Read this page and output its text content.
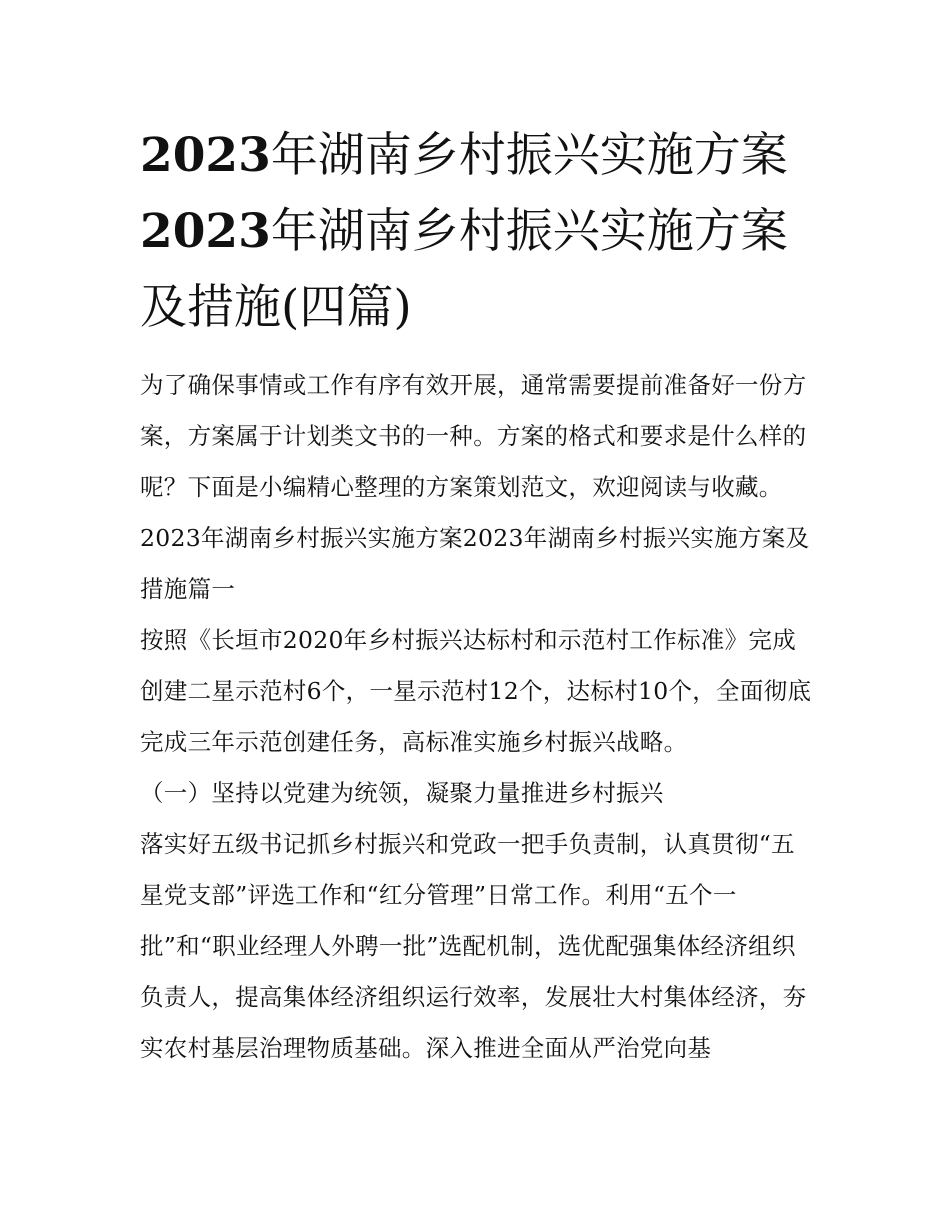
2023年湖南乡村振兴实施方案
2023年湖南乡村振兴实施方案
及措施(四篇)

为了确保事情或工作有序有效开展，通常需要提前准备好一份方案，方案属于计划类文书的一种。方案的格式和要求是什么样的呢？下面是小编精心整理的方案策划范文，欢迎阅读与收藏。

2023年湖南乡村振兴实施方案2023年湖南乡村振兴实施方案及措施篇一

按照《长垣市2020年乡村振兴达标村和示范村工作标准》完成创建二星示范村6个，一星示范村12个，达标村10个，全面彻底完成三年示范创建任务，高标准实施乡村振兴战略。

（一）坚持以党建为统领，凝聚力量推进乡村振兴

落实好五级书记抓乡村振兴和党政一把手负责制，认真贯彻“五星党支部”评选工作和“红分管理”日常工作。利用“五个一批”和“职业经理人外聘一批”选配机制，选优配强集体经济组织负责人，提高集体经济组织运行效率，发展壮大村集体经济，夯实农村基层治理物质基础。深入推进全面从严治党向基
